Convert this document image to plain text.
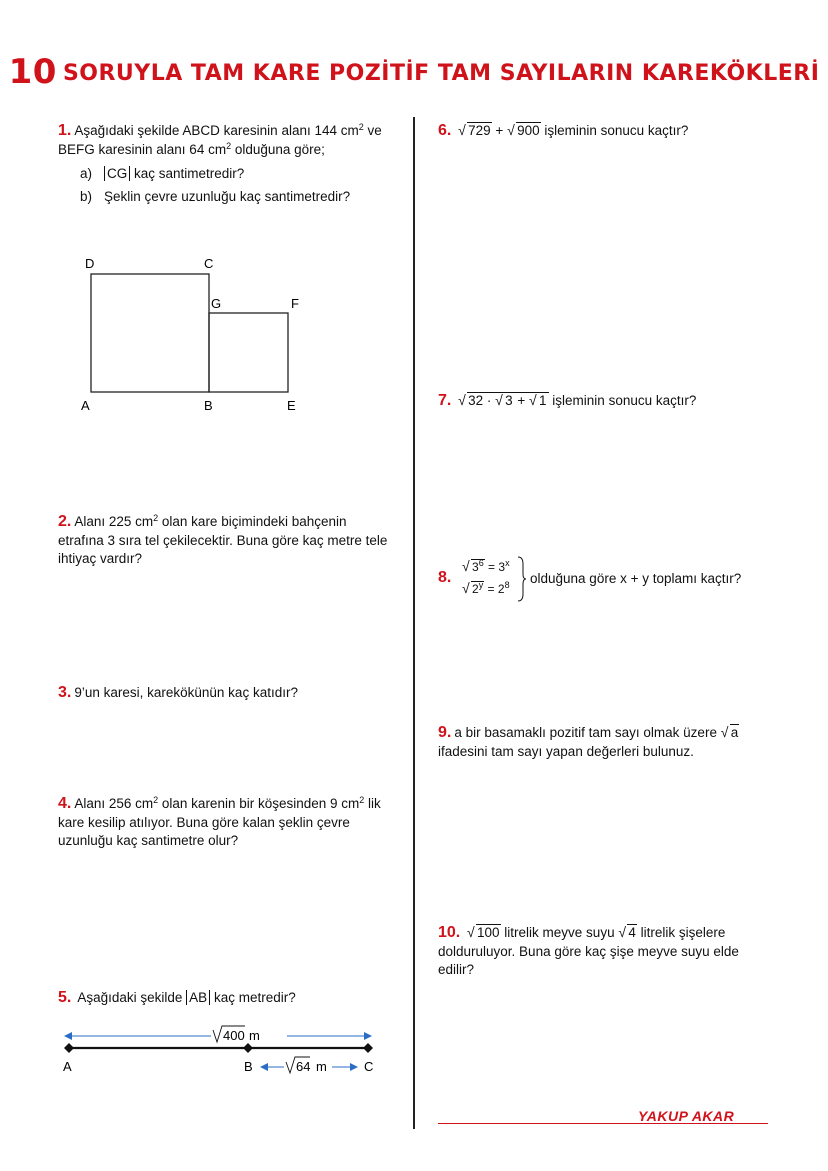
10 SORUYLA TAM KARE POZİTİF TAM SAYILARIN KAREKÖKLERİ
1. Aşağıdaki şekilde ABCD karesinin alanı 144 $cm^2$ ve BEFG karesinin alanı 64 $cm^2$ olduğuna göre;
a) CG kaç santimetredir?
b) Şeklin çevre uzunluğu kaç santimetredir?
D	C
G	F
A	B	E
2. Alanı 225 $cm^2$ olan kare biçimindeki bahçenin etrafına 3 sıra tel çekilecektir. Buna göre kaç metre tele ihtiyaç vardır?
3. 9’un karesi, karekökünün kaç katıdır?
4. Alanı 256 $cm^2$ olan karenin bir köşesinden 9 $cm^2$ lik kare kesilip atılıyor. Buna göre kalan şeklin çevre uzunluğu kaç santimetre olur?
5. Aşağıdaki şekilde AB kaç metredir?
400 m
A	B	64 m	C
6. √ 729 + √ 900 işleminin sonucu kaçtır?
7. √ 32 · √ 3 + √ 1 işleminin sonucu kaçtır?
8.
√ $3^6 = 3^x$
√ $2^y = 2^8$ olduğuna göre x + y toplamı kaçtır?
9. a bir basamaklı pozitif tam sayı olmak üzere √ a
ifadesini tam sayı yapan değerleri bulunuz.
10. √ 100 litrelik meyve suyu √ 4 litrelik şişelere dolduruluyor. Buna göre kaç şişe meyve suyu elde edilir?
YAKUP AKAR
